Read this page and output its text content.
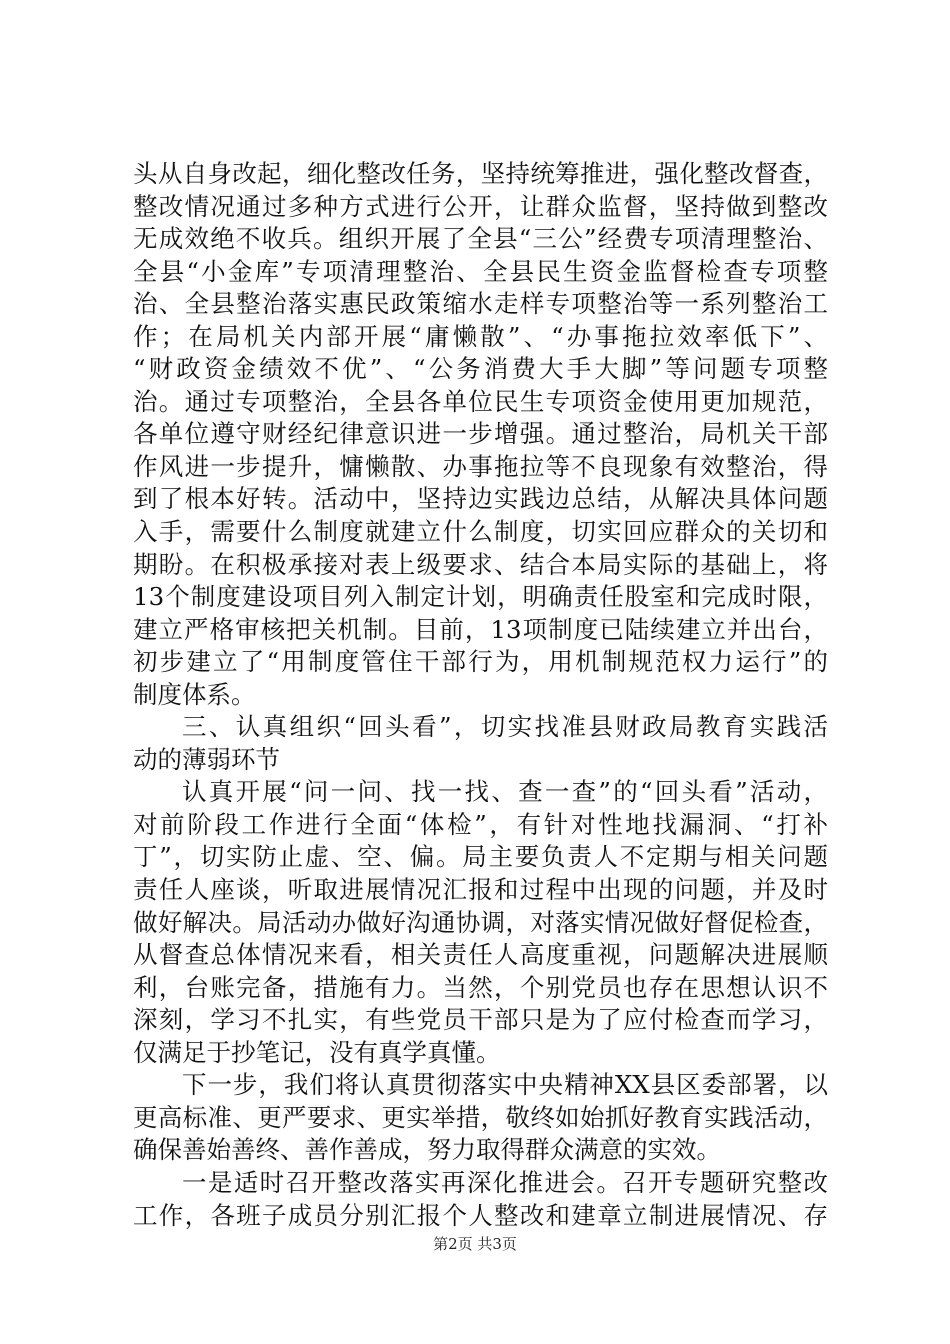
头从自身改起，细化整改任务，坚持统筹推进，强化整改督查，
整改情况通过多种方式进行公开，让群众监督，坚持做到整改
无成效绝不收兵。组织开展了全县“三公”经费专项清理整治、
全县“小金库”专项清理整治、全县民生资金监督检查专项整
治、全县整治落实惠民政策缩水走样专项整治等一系列整治工
作；在局机关内部开展“庸懒散”、“办事拖拉效率低下”、
“财政资金绩效不优”、“公务消费大手大脚”等问题专项整
治。通过专项整治，全县各单位民生专项资金使用更加规范，
各单位遵守财经纪律意识进一步增强。通过整治，局机关干部
作风进一步提升，慵懒散、办事拖拉等不良现象有效整治，得
到了根本好转。活动中，坚持边实践边总结，从解决具体问题
入手，需要什么制度就建立什么制度，切实回应群众的关切和
期盼。在积极承接对表上级要求、结合本局实际的基础上，将
13个制度建设项目列入制定计划，明确责任股室和完成时限，
建立严格审核把关机制。目前，13项制度已陆续建立并出台，
初步建立了“用制度管住干部行为，用机制规范权力运行”的
制度体系。
三、认真组织“回头看”，切实找准县财政局教育实践活
动的薄弱环节
认真开展“问一问、找一找、查一查”的“回头看”活动，
对前阶段工作进行全面“体检”，有针对性地找漏洞、“打补
丁”，切实防止虚、空、偏。局主要负责人不定期与相关问题
责任人座谈，听取进展情况汇报和过程中出现的问题，并及时
做好解决。局活动办做好沟通协调，对落实情况做好督促检查，
从督查总体情况来看，相关责任人高度重视，问题解决进展顺
利，台账完备，措施有力。当然，个别党员也存在思想认识不
深刻，学习不扎实，有些党员干部只是为了应付检查而学习，
仅满足于抄笔记，没有真学真懂。
下一步，我们将认真贯彻落实中央精神XX县区委部署，以
更高标准、更严要求、更实举措，敬终如始抓好教育实践活动，
确保善始善终、善作善成，努力取得群众满意的实效。
一是适时召开整改落实再深化推进会。召开专题研究整改
工作，各班子成员分别汇报个人整改和建章立制进展情况、存
第2页 共3页
